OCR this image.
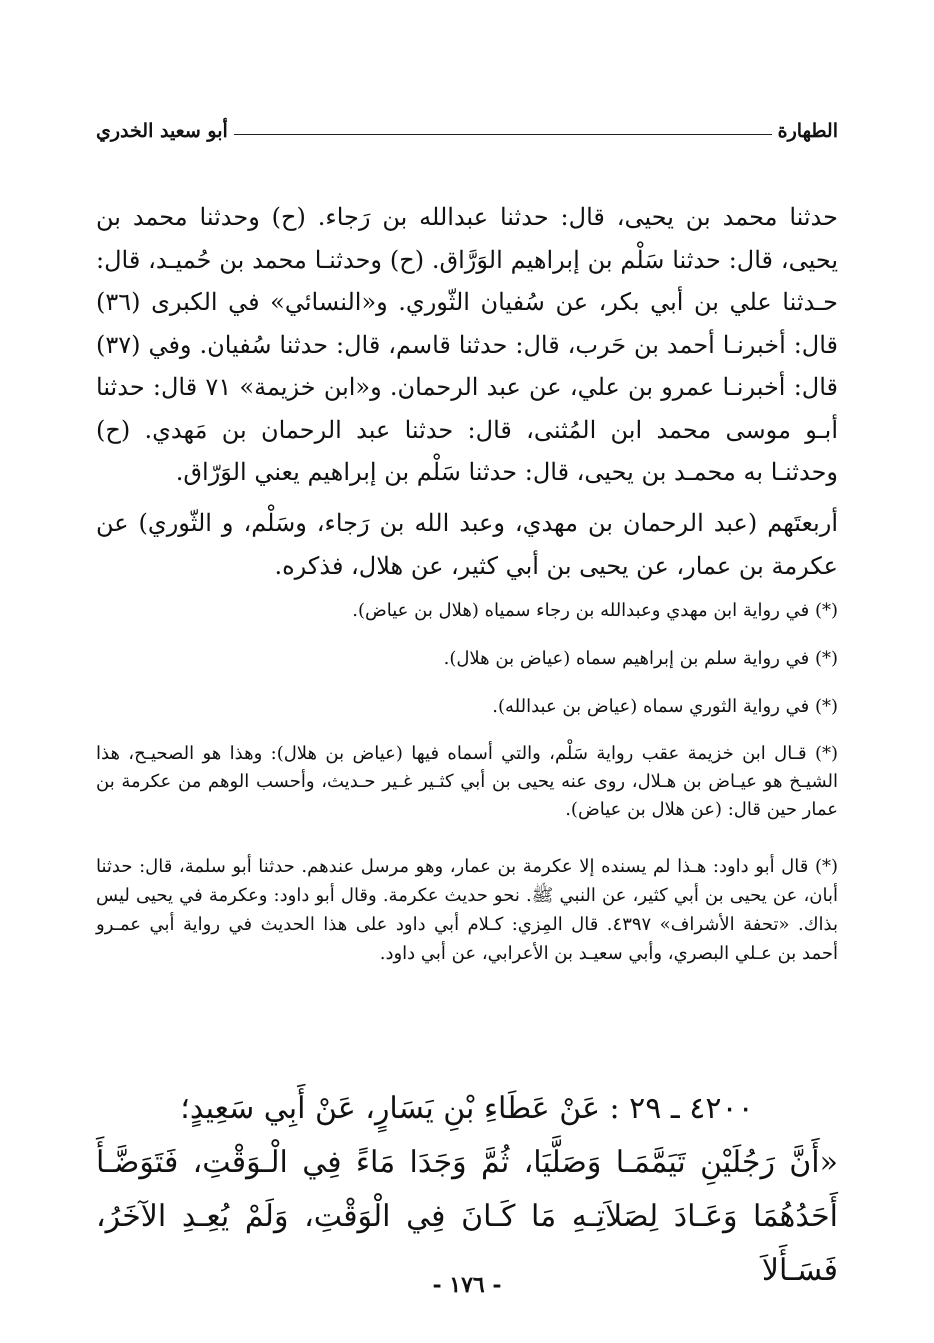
الطهارة
أبو سعيد الخدري
حدثنا محمد بن يحيى، قال: حدثنا عبدالله بن رَجاء. (ح) وحدثنا محمد بن يحيى، قال: حدثنا سَلْم بن إبراهيم الوَرَّاق. (ح) وحدثنـا محمد بن حُميـد، قال: حـدثنا علي بن أبي بكر، عن سُفيان الثّوري. و«النسائي» في الكبرى (٣٦) قال: أخبرنـا أحمد بن حَرب، قال: حدثنا قاسم، قال: حدثنا سُفيان. وفي (٣٧) قال: أخبرنـا عمرو بن علي، عن عبد الرحمان. و«ابن خزيمة» ٧١ قال: حدثنا أبـو موسى محمد ابن المُثنى، قال: حدثنا عبد الرحمان بن مَهدي. (ح) وحدثنـا به محمـد بن يحيى، قال: حدثنا سَلْم بن إبراهيم يعني الوَرّاق.
أربعتَهم (عبد الرحمان بن مهدي، وعبد الله بن رَجاء، وسَلْم، و الثّوري) عن عكرمة بن عمار، عن يحيى بن أبي كثير، عن هلال، فذكره.

(*) في رواية ابن مهدي وعبدالله بن رجاء سمياه (هلال بن عياض).

(*) في رواية سلم بن إبراهيم سماه (عياض بن هلال).

(*) في رواية الثوري سماه (عياض بن عبدالله).

(*) قـال ابن خزيمة عقب رواية سَلْم، والتي أسماه فيها (عياض بن هلال): وهذا هو الصحيـح، هذا الشيـخ هو عيـاض بن هـلال، روى عنه يحيى بن أبي كثـير غـير حـديث، وأحسب الوهم من عكرمة بن عمار حين قال: (عن هلال بن عياض).

(*) قال أبو داود: هـذا لم يسنده إلا عكرمة بن عمار، وهو مرسل عندهم. حدثنا أبو سلمة، قال: حدثنا أبان، عن يحيى بن أبي كثير، عن النبي ﷺ. نحو حديث عكرمة. وقال أبو داود: وعكرمة في يحيى ليس بذاك. «تحفة الأشراف» ٤٣٩٧. قال المِزي: كـلام أبي داود على هذا الحديث في رواية أبي عمـرو أحمد بن عـلي البصري، وأبي سعيـد بن الأعرابي، عن أبي داود.

٤٢٠٠ ـ ٢٩ : عَنْ عَطَاءِ بْنِ يَسَارٍ، عَنْ أَبِي سَعِيدٍ؛
«أَنَّ رَجُلَيْنِ تَيَمَّمَـا وَصَلَّيَا، ثُمَّ وَجَدَا مَاءً فِي الْـوَقْتِ، فَتَوَضَّـأَ أَحَدُهُمَا وَعَـادَ لِصَلاَتِـهِ مَا كَـانَ فِي الْوَقْتِ، وَلَمْ يُعِـدِ الآخَرُ، فَسَـأَلاَ
- ١٧٦ -
